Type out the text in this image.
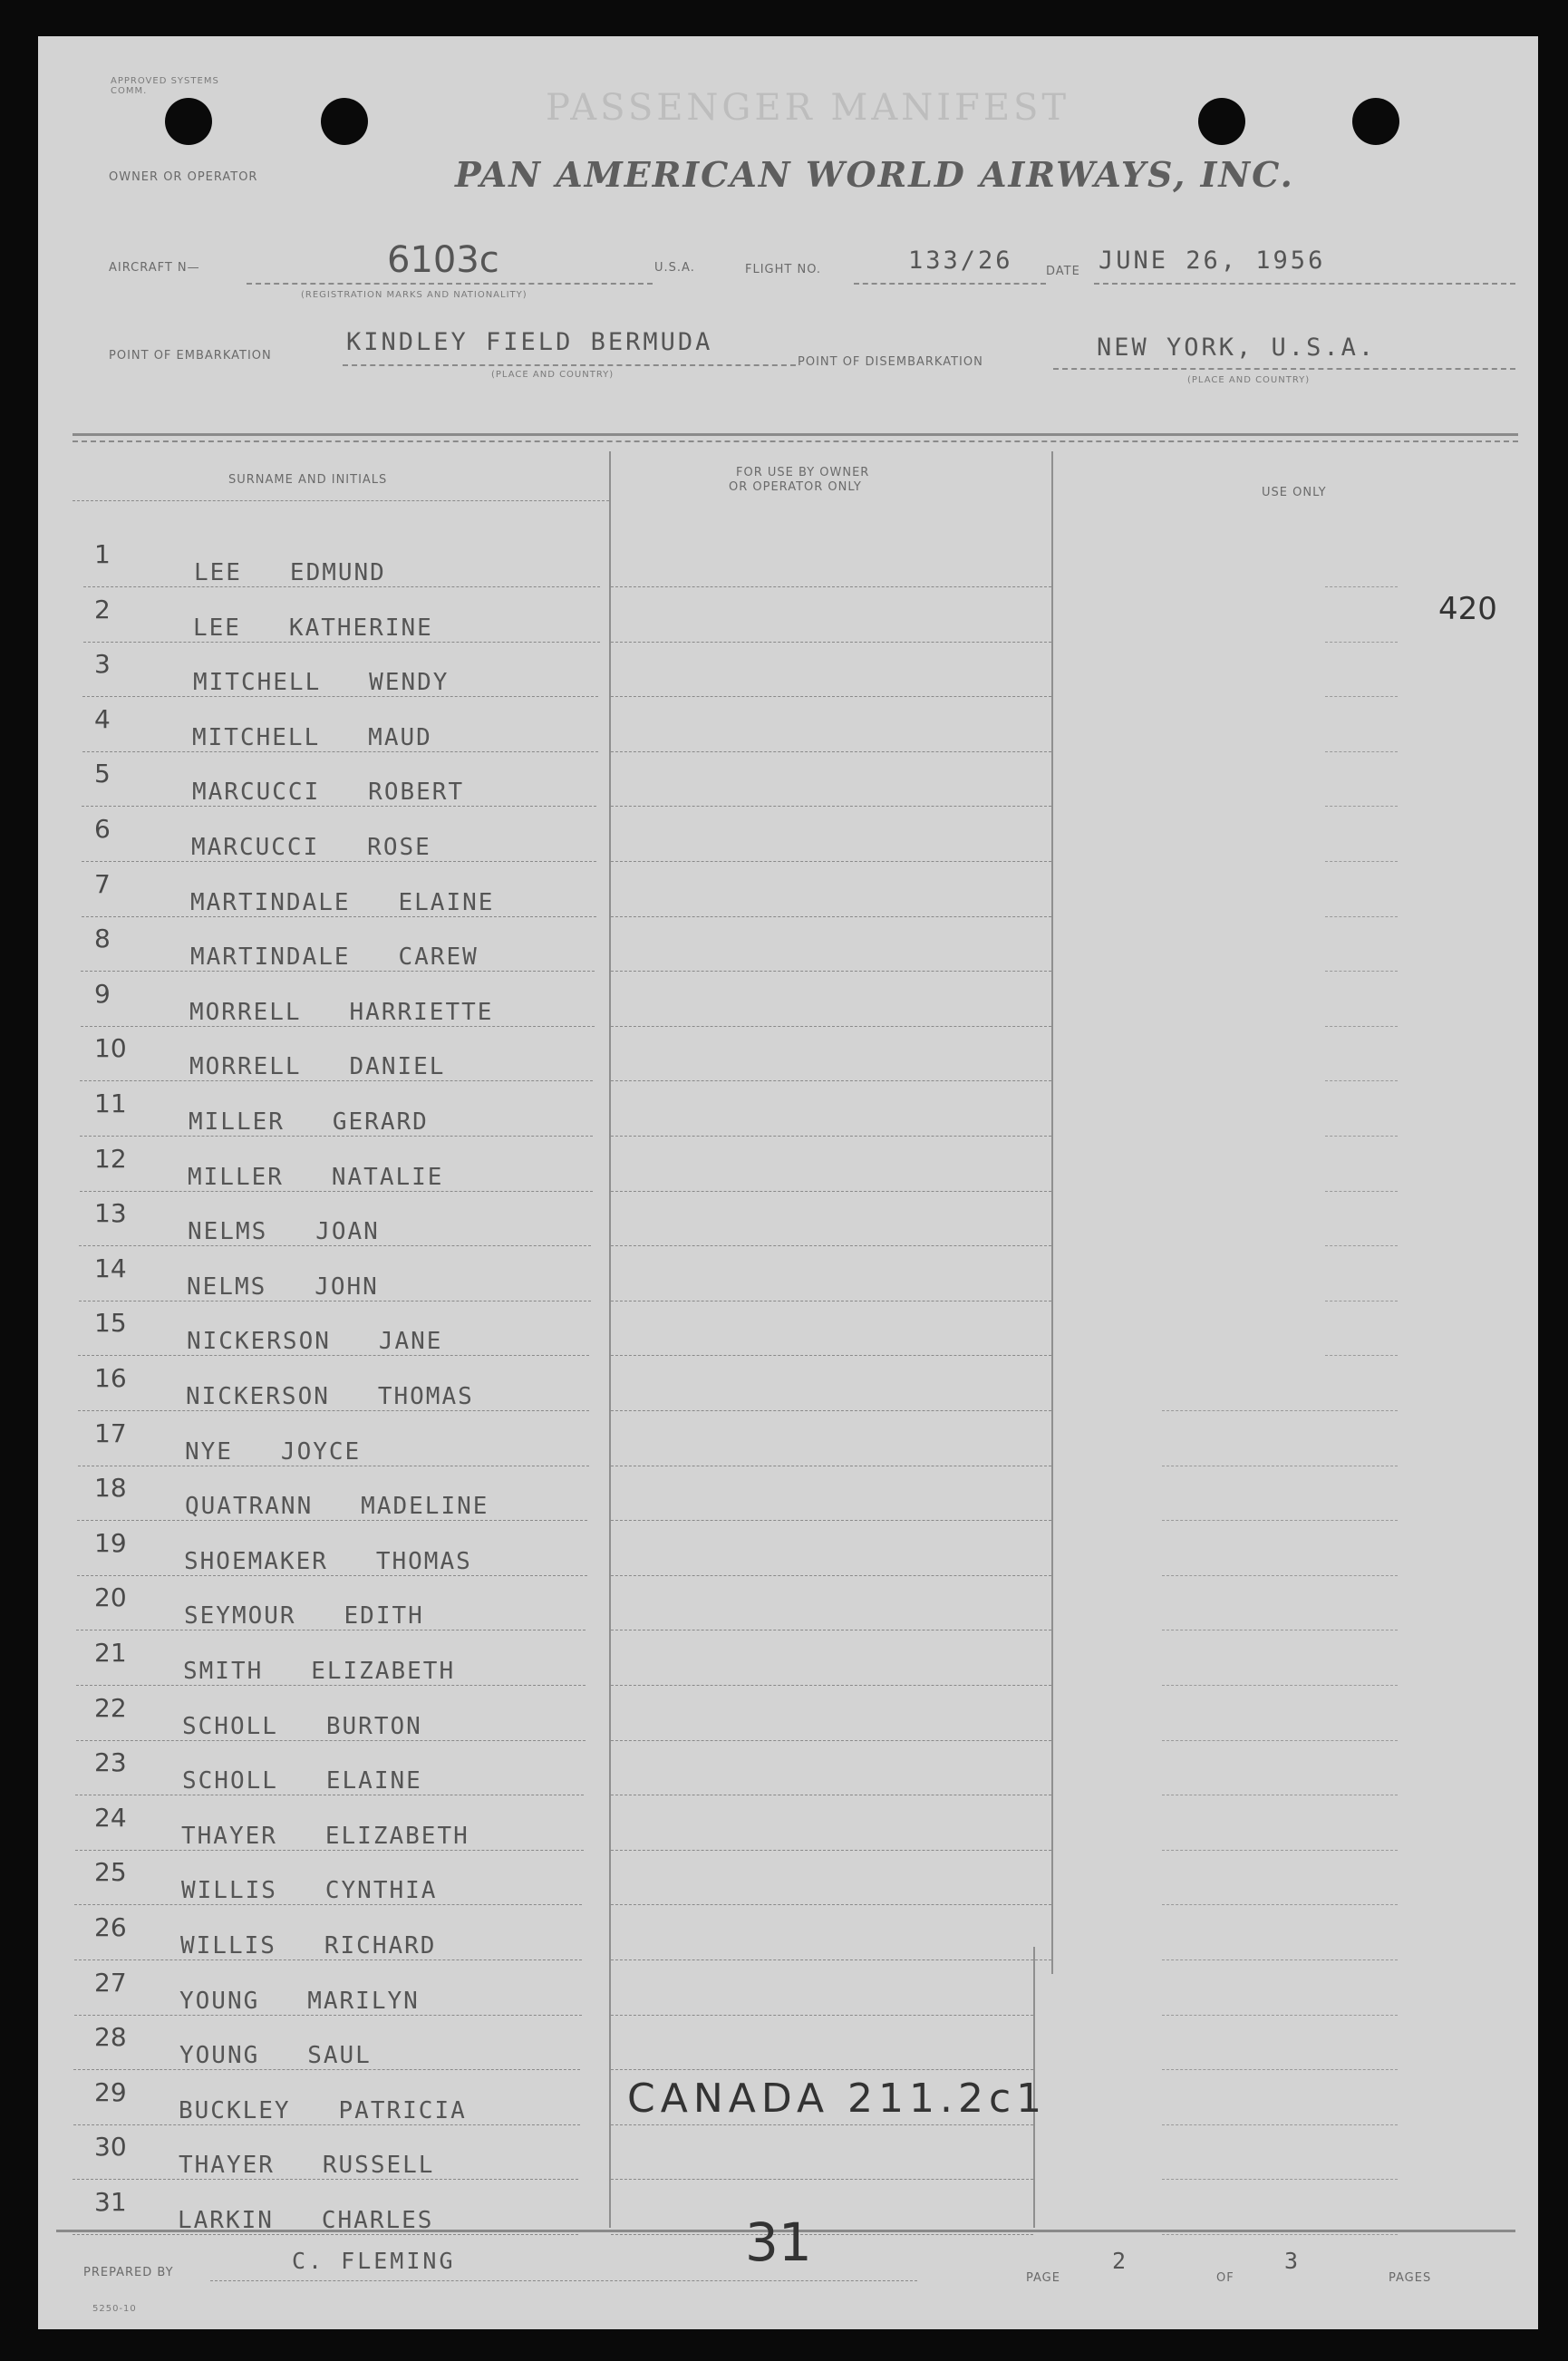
APPROVED SYSTEMS COMM.	PASSENGER MANIFEST
OWNER OR OPERATOR	PAN AMERICAN WORLD AIRWAYS, INC.
AIRCRAFT N—	6103c
(REGISTRATION MARKS AND NATIONALITY)
U.S.A.	FLIGHT NO.	133/26	DATE JUNE 26, 1956
POINT OF EMBARKATION	KINDLEY FIELD BERMUDA
(PLACE AND COUNTRY)
POINT OF DISEMBARKATION
NEW YORK, U.S.A.
(PLACE AND COUNTRY)
SURNAME AND INITIALS
FOR USE BY OWNER
OR OPERATOR ONLY	USE ONLY
420
1
LEE   EDMUND
2
LEE   KATHERINE
3
MITCHELL   WENDY
4
MITCHELL   MAUD
5
MARCUCCI   ROBERT
6
MARCUCCI   ROSE
7
MARTINDALE   ELAINE
8
MARTINDALE   CAREW
9
MORRELL   HARRIETTE
10
MORRELL   DANIEL
11
MILLER   GERARD
12
MILLER   NATALIE
13
NELMS   JOAN
14
NELMS   JOHN
15
NICKERSON   JANE
16
NICKERSON   THOMAS
17
NYE   JOYCE
18
QUATRANN   MADELINE
19
SHOEMAKER   THOMAS
20
SEYMOUR   EDITH
21
SMITH   ELIZABETH
22
SCHOLL   BURTON
23
SCHOLL   ELAINE
24
THAYER   ELIZABETH
25
WILLIS   CYNTHIA
26
WILLIS   RICHARD
27
YOUNG   MARILYN
28
YOUNG   SAUL
29
BUCKLEY   PATRICIA	CANADA 211.2c1
30
THAYER   RUSSELL
31
LARKIN   CHARLES	31
PREPARED BY	C. FLEMING
PAGE
2
OF
3
PAGES
5250-10
